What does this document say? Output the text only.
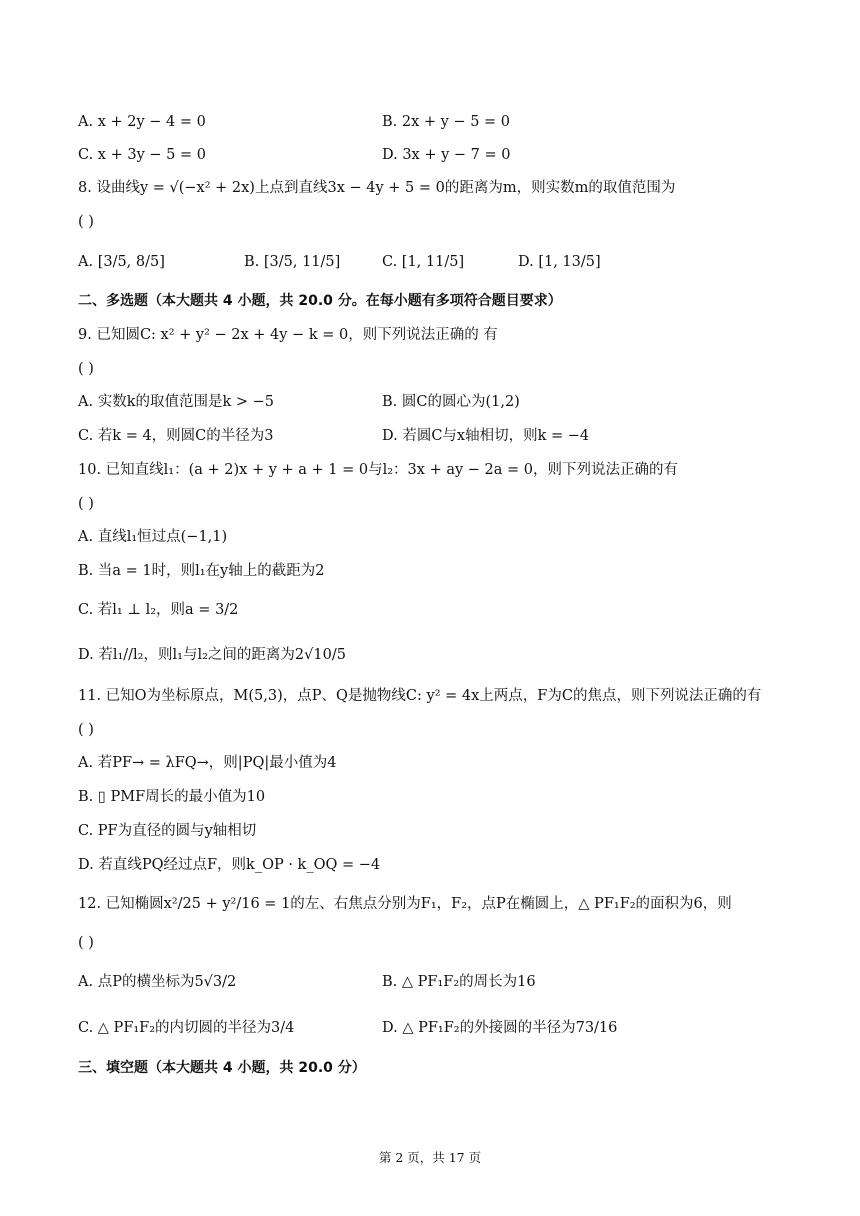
A. x + 2y − 4 = 0	B. 2x + y − 5 = 0
C. x + 3y − 5 = 0	D. 3x + y − 7 = 0
8. 设曲线y = √(−x² + 2x)上点到直线3x − 4y + 5 = 0的距离为m，则实数m的取值范围为
( )
A. [3/5, 8/5]	B. [3/5, 11/5]	C. [1, 11/5]	D. [1, 13/5]
二、多选题（本大题共 4 小题，共 20.0 分。在每小题有多项符合题目要求）
9. 已知圆C: x² + y² − 2x + 4y − k = 0，则下列说法正确的 有
( )
A. 实数k的取值范围是k > −5	B. 圆C的圆心为(1,2)
C. 若k = 4，则圆C的半径为3	D. 若圆C与x轴相切，则k = −4
10. 已知直线l₁：(a + 2)x + y + a + 1 = 0与l₂：3x + ay − 2a = 0，则下列说法正确的有
( )
A. 直线l₁恒过点(−1,1)
B. 当a = 1时，则l₁在y轴上的截距为2
C. 若l₁ ⊥ l₂，则a = 3/2
D. 若l₁//l₂，则l₁与l₂之间的距离为2√10/5
11. 已知O为坐标原点，M(5,3)，点P、Q是抛物线C: y² = 4x上两点，F为C的焦点，则下列说法正确的有
( )
A. 若PF→ = λFQ→，则|PQ|最小值为4
B. ▯ PMF周长的最小值为10
C. PF为直径的圆与y轴相切
D. 若直线PQ经过点F，则k_OP · k_OQ = −4
12. 已知椭圆x²/25 + y²/16 = 1的左、右焦点分别为F₁，F₂，点P在椭圆上，△ PF₁F₂的面积为6，则
( )
A. 点P的横坐标为5√3/2	B. △ PF₁F₂的周长为16
C. △ PF₁F₂的内切圆的半径为3/4	D. △ PF₁F₂的外接圆的半径为73/16
三、填空题（本大题共 4 小题，共 20.0 分）
第 2 页，共 17 页
